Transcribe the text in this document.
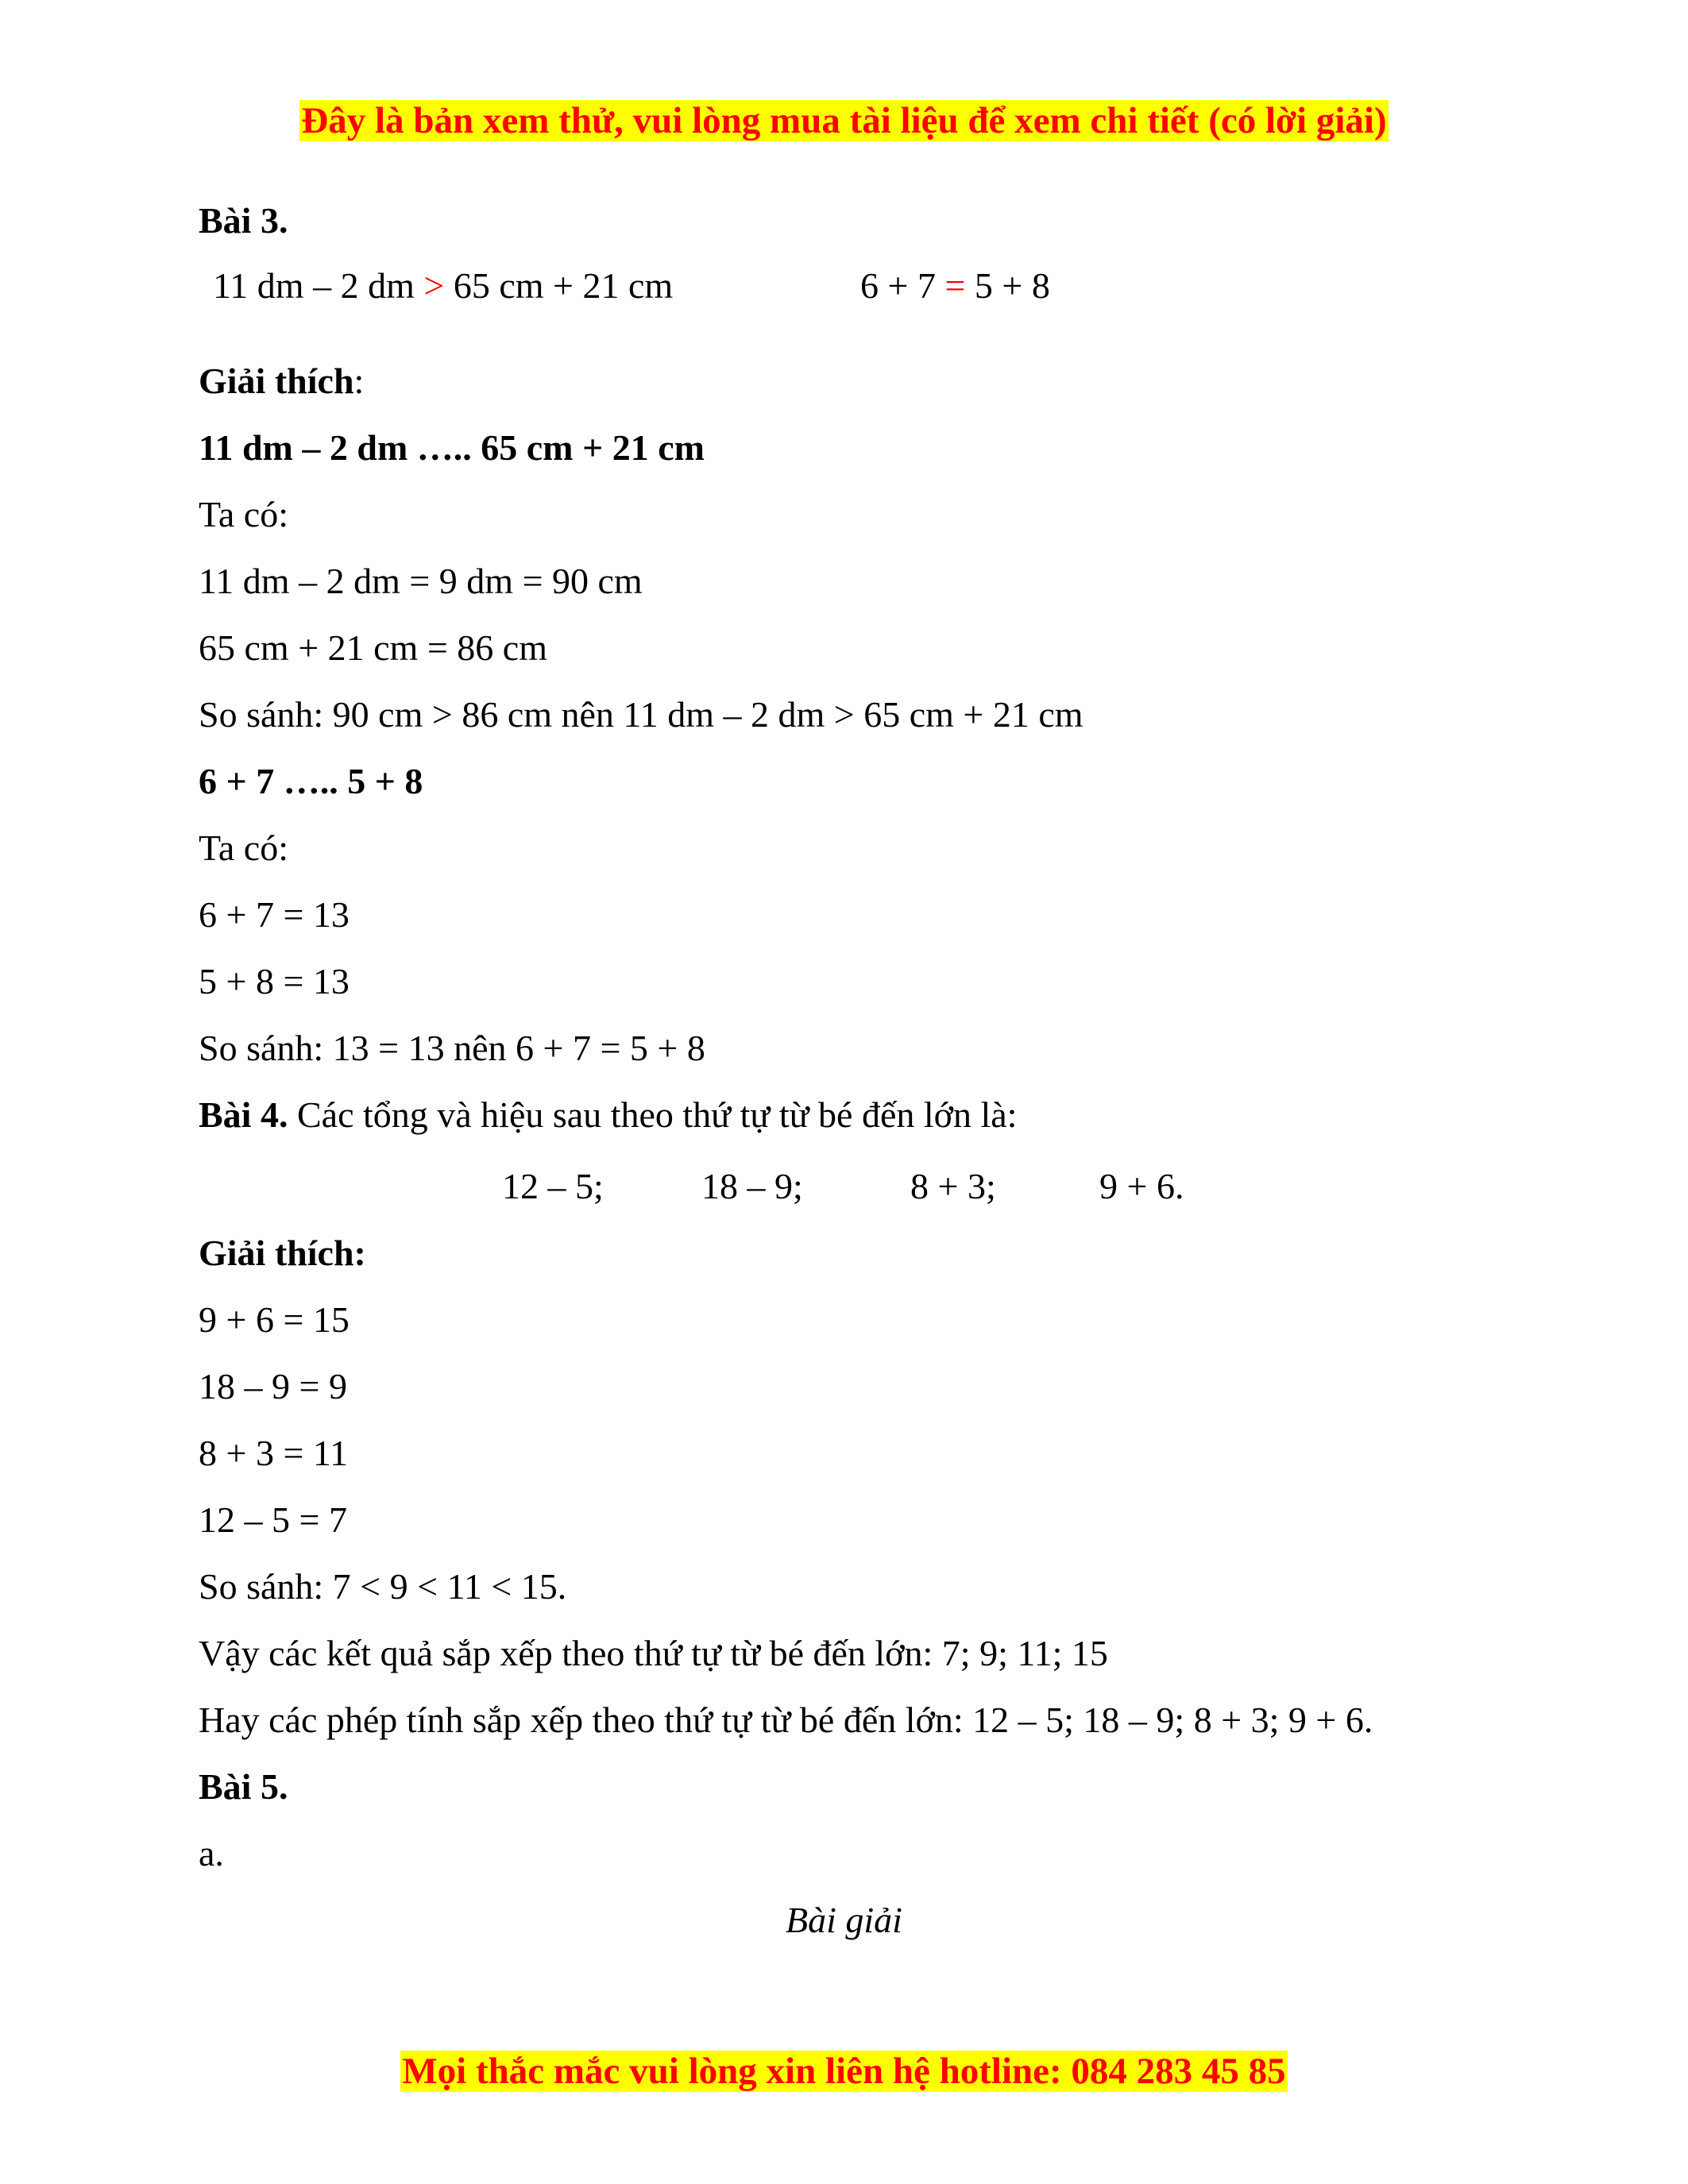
Đây là bản xem thử, vui lòng mua tài liệu để xem chi tiết (có lời giải)
Bài 3.
11 dm – 2 dm > 65 cm + 21 cm	6 + 7 = 5 + 8
Giải thích:
11 dm – 2 dm ….. 65 cm + 21 cm
Ta có:
11 dm – 2 dm = 9 dm = 90 cm
65 cm + 21 cm = 86 cm
So sánh: 90 cm > 86 cm nên 11 dm – 2 dm > 65 cm + 21 cm
6 + 7 ….. 5 + 8
Ta có:
6 + 7 = 13
5 + 8 = 13
So sánh: 13 = 13 nên 6 + 7 = 5 + 8
Bài 4. Các tổng và hiệu sau theo thứ tự từ bé đến lớn là:
12 – 5;	18 – 9;	8 + 3;	9 + 6.
Giải thích:
9 + 6 = 15
18 – 9 = 9
8 + 3 = 11
12 – 5 = 7
So sánh: 7 < 9 < 11 < 15.
Vậy các kết quả sắp xếp theo thứ tự từ bé đến lớn: 7; 9; 11; 15
Hay các phép tính sắp xếp theo thứ tự từ bé đến lớn: 12 – 5; 18 – 9; 8 + 3; 9 + 6.
Bài 5.
a.
Bài giải
Mọi thắc mắc vui lòng xin liên hệ hotline: 084 283 45 85
